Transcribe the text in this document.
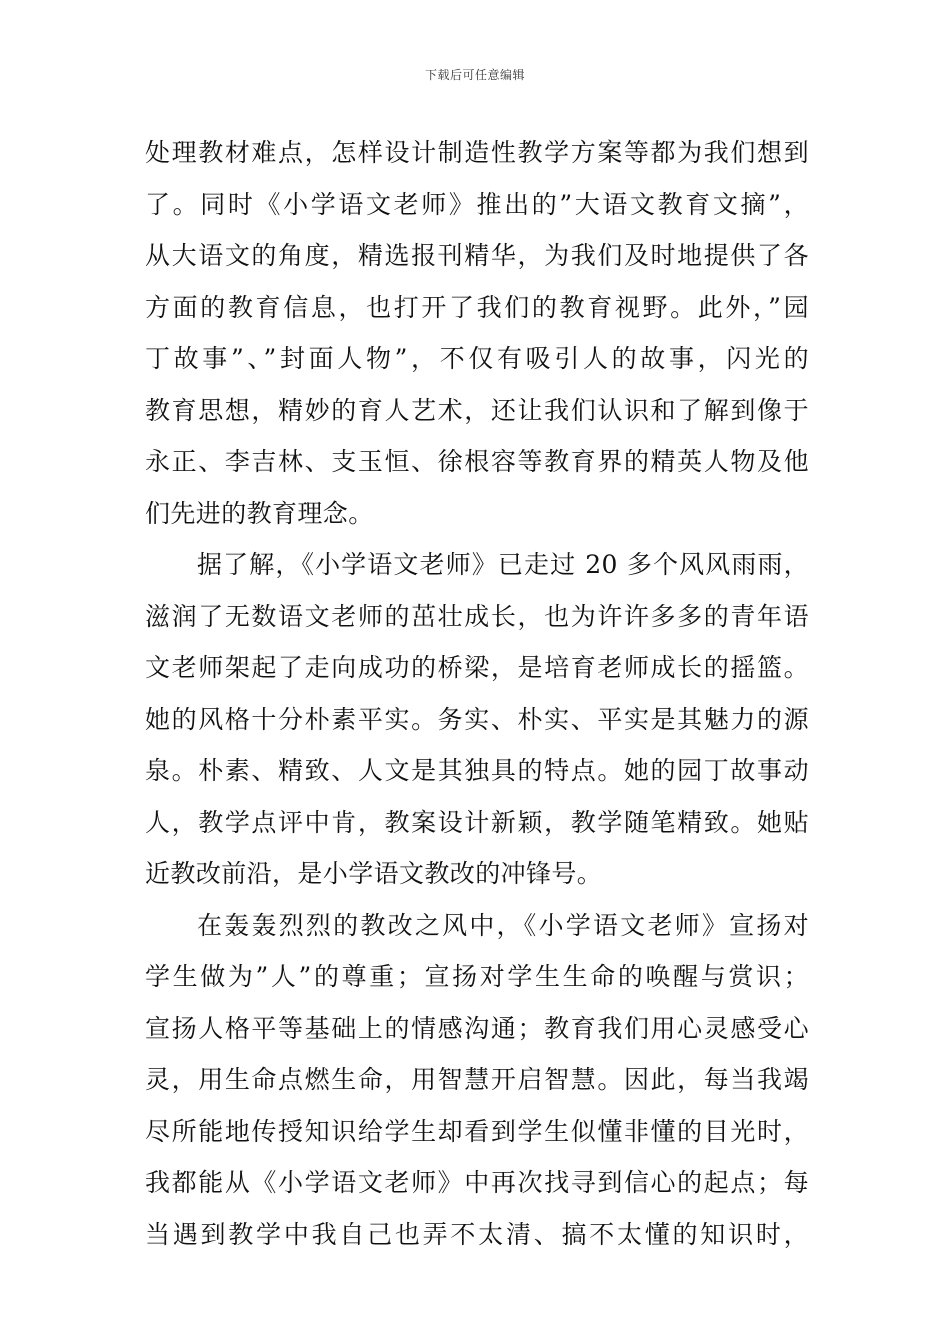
下载后可任意编辑
处理教材难点，怎样设计制造性教学方案等都为我们想到
了。同时《小学语文老师》推出的”大语文教育文摘”，
从大语文的角度，精选报刊精华，为我们及时地提供了各
方面的教育信息，也打开了我们的教育视野。此外，”园
丁故事”、”封面人物”，不仅有吸引人的故事，闪光的
教育思想，精妙的育人艺术，还让我们认识和了解到像于
永正、李吉林、支玉恒、徐根容等教育界的精英人物及他
们先进的教育理念。
据了解，《小学语文老师》已走过 20 多个风风雨雨，
滋润了无数语文老师的茁壮成长，也为许许多多的青年语
文老师架起了走向成功的桥梁，是培育老师成长的摇篮。
她的风格十分朴素平实。务实、朴实、平实是其魅力的源
泉。朴素、精致、人文是其独具的特点。她的园丁故事动
人，教学点评中肯，教案设计新颖，教学随笔精致。她贴
近教改前沿，是小学语文教改的冲锋号。
在轰轰烈烈的教改之风中，《小学语文老师》宣扬对
学生做为”人”的尊重；宣扬对学生生命的唤醒与赏识；
宣扬人格平等基础上的情感沟通；教育我们用心灵感受心
灵，用生命点燃生命，用智慧开启智慧。因此，每当我竭
尽所能地传授知识给学生却看到学生似懂非懂的目光时，
我都能从《小学语文老师》中再次找寻到信心的起点；每
当遇到教学中我自己也弄不太清、搞不太懂的知识时，
